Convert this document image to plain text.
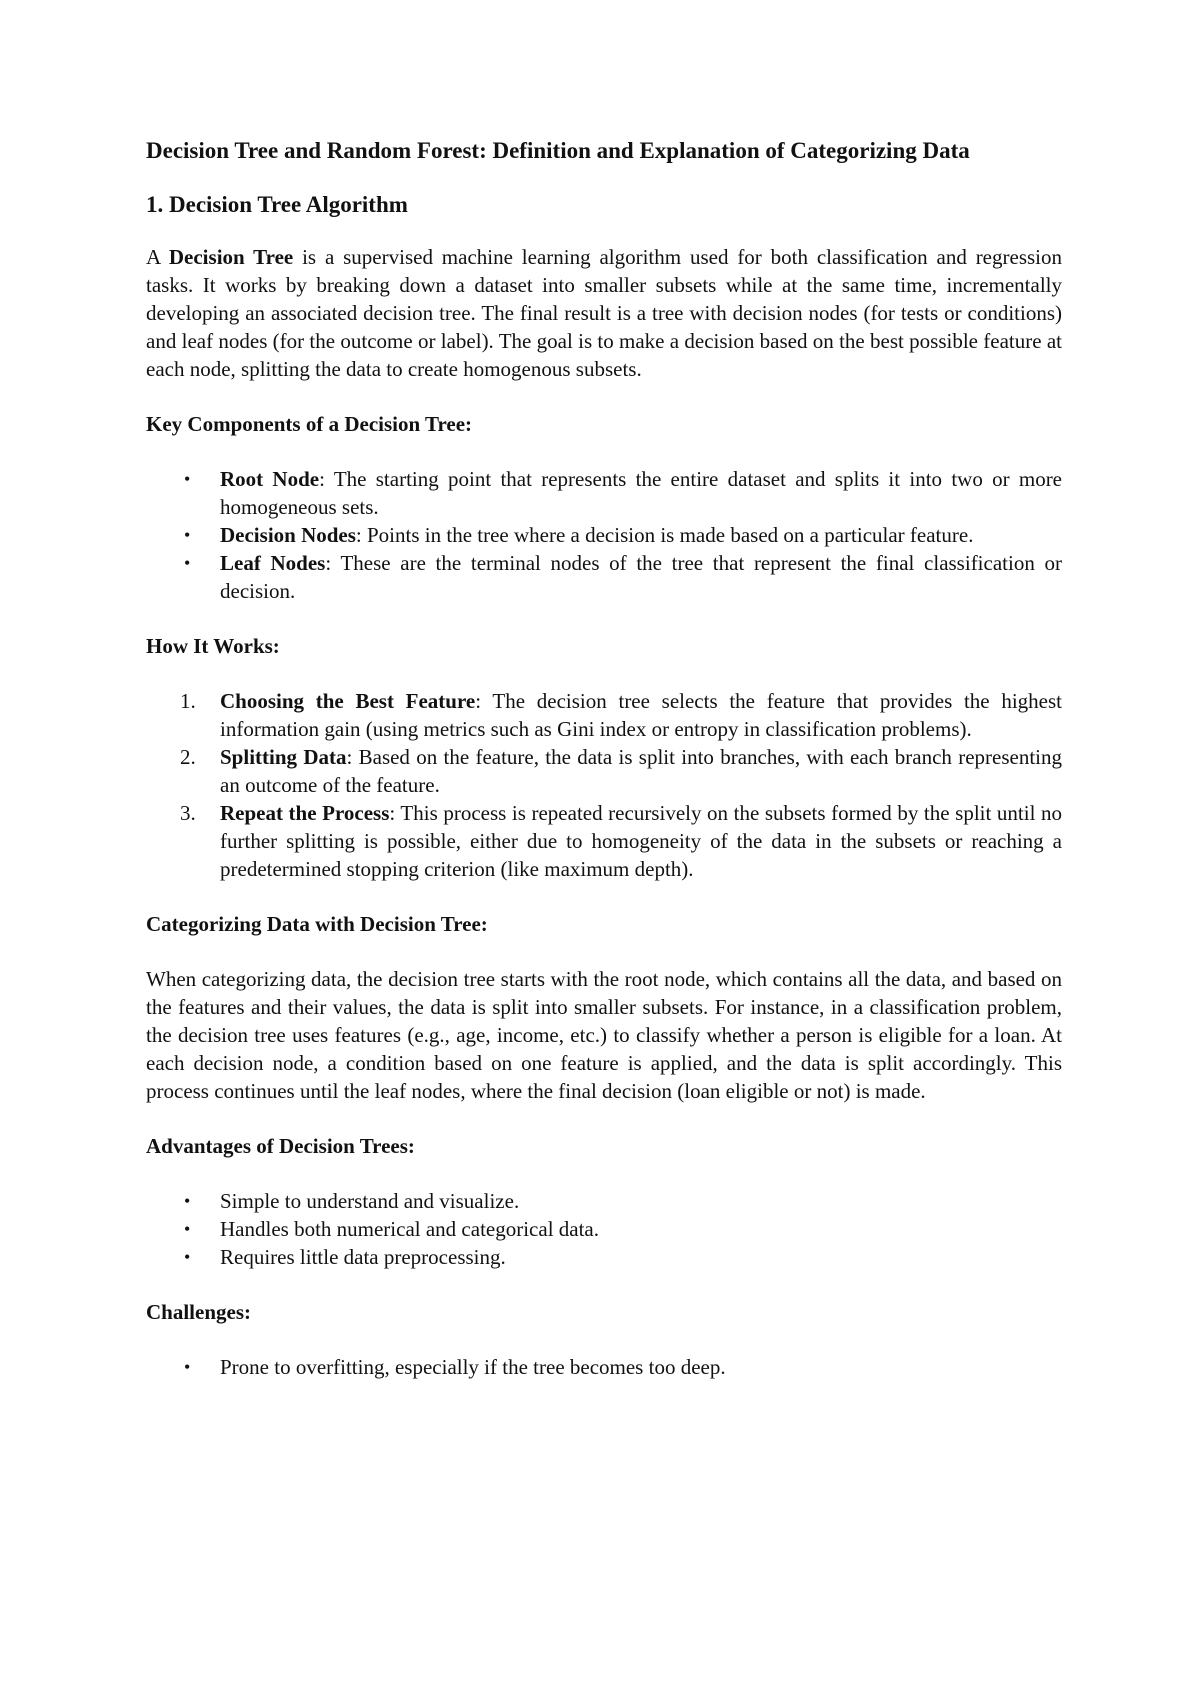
Decision Tree and Random Forest: Definition and Explanation of Categorizing Data
1. Decision Tree Algorithm

A Decision Tree is a supervised machine learning algorithm used for both classification and regression tasks. It works by breaking down a dataset into smaller subsets while at the same time, incrementally developing an associated decision tree. The final result is a tree with decision nodes (for tests or conditions) and leaf nodes (for the outcome or label). The goal is to make a decision based on the best possible feature at each node, splitting the data to create homogenous subsets.

Key Components of a Decision Tree:
• Root Node: The starting point that represents the entire dataset and splits it into two or more homogeneous sets.
• Decision Nodes: Points in the tree where a decision is made based on a particular feature.
• Leaf Nodes: These are the terminal nodes of the tree that represent the final classification or decision.
How It Works:
1. Choosing the Best Feature: The decision tree selects the feature that provides the highest information gain (using metrics such as Gini index or entropy in classification problems).
2. Splitting Data: Based on the feature, the data is split into branches, with each branch representing an outcome of the feature.
3. Repeat the Process: This process is repeated recursively on the subsets formed by the split until no further splitting is possible, either due to homogeneity of the data in the subsets or reaching a predetermined stopping criterion (like maximum depth).
Categorizing Data with Decision Tree:

When categorizing data, the decision tree starts with the root node, which contains all the data, and based on the features and their values, the data is split into smaller subsets. For instance, in a classification problem, the decision tree uses features (e.g., age, income, etc.) to classify whether a person is eligible for a loan. At each decision node, a condition based on one feature is applied, and the data is split accordingly. This process continues until the leaf nodes, where the final decision (loan eligible or not) is made.

Advantages of Decision Trees:
• Simple to understand and visualize.
• Handles both numerical and categorical data.
• Requires little data preprocessing.
Challenges:
• Prone to overfitting, especially if the tree becomes too deep.
